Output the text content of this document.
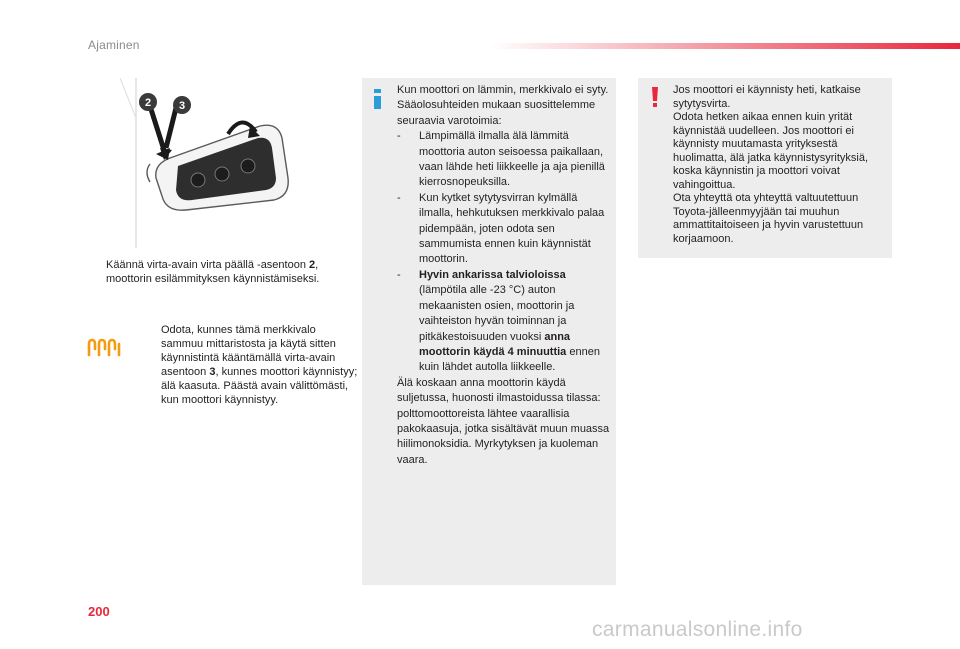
Ajaminen
2	3
Käännä virta-avain virta päällä -asentoon 2, moottorin esilämmityksen käynnistämiseksi.
Odota, kunnes tämä merkkivalo sammuu mittaristosta ja käytä sitten käynnistintä kääntämällä virta-avain asentoon 3, kunnes moottori käynnistyy; älä kaasuta. Päästä avain välittömästi, kun moottori käynnistyy.

Kun moottori on lämmin, merkkivalo ei syty. Sääolosuhteiden mukaan suosittelemme seuraavia varotoimia:

- Lämpimällä ilmalla älä lämmitä moottoria auton seisoessa paikallaan, vaan lähde heti liikkeelle ja aja pienillä kierrosnopeuksilla.
- Kun kytket sytytysvirran kylmällä ilmalla, hehkutuksen merkkivalo palaa pidempään, joten odota sen sammumista ennen kuin käynnistät moottorin.
- Hyvin ankarissa talvioloissa (lämpötila alle -23 °C) auton mekaanisten osien, moottorin ja vaihteiston hyvän toiminnan ja pitkäkestoisuuden vuoksi anna moottorin käydä 4 minuuttia ennen kuin lähdet autolla liikkeelle.

Älä koskaan anna moottorin käydä suljetussa, huonosti ilmastoidussa tilassa: polttomoottoreista lähtee vaarallisia pakokaasuja, jotka sisältävät muun muassa hiilimonoksidia. Myrkytyksen ja kuoleman vaara.

Jos moottori ei käynnisty heti, katkaise sytytysvirta.
Odota hetken aikaa ennen kuin yrität käynnistää uudelleen. Jos moottori ei käynnisty muutamasta yrityksestä huolimatta, älä jatka käynnistysyrityksiä, koska käynnistin ja moottori voivat vahingoittua.
Ota yhteyttä ota yhteyttä valtuutettuun Toyota-jälleenmyyjään tai muuhun ammattitaitoiseen ja hyvin varustettuun korjaamoon.
200
carmanualsonline.info
